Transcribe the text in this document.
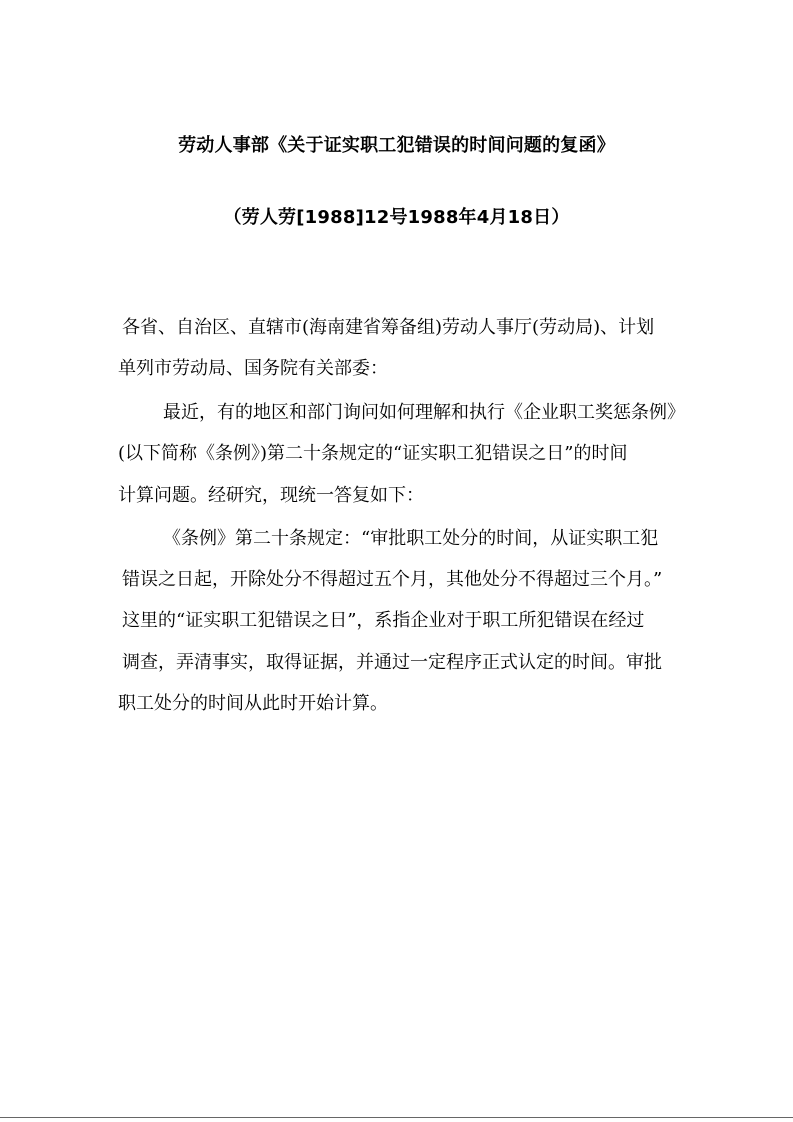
劳动人事部《关于证实职工犯错误的时间问题的复函》
（劳人劳[1988]12号1988年4月18日）
各省、自治区、直辖市(海南建省筹备组)劳动人事厅(劳动局)、计划
单列市劳动局、国务院有关部委：
最近，有的地区和部门询问如何理解和执行《企业职工奖惩条例》
(以下简称《条例》)第二十条规定的“证实职工犯错误之日”的时间
计算问题。经研究，现统一答复如下：
《条例》第二十条规定：“审批职工处分的时间，从证实职工犯
错误之日起，开除处分不得超过五个月，其他处分不得超过三个月。”
这里的“证实职工犯错误之日”，系指企业对于职工所犯错误在经过
调查，弄清事实，取得证据，并通过一定程序正式认定的时间。审批
职工处分的时间从此时开始计算。
